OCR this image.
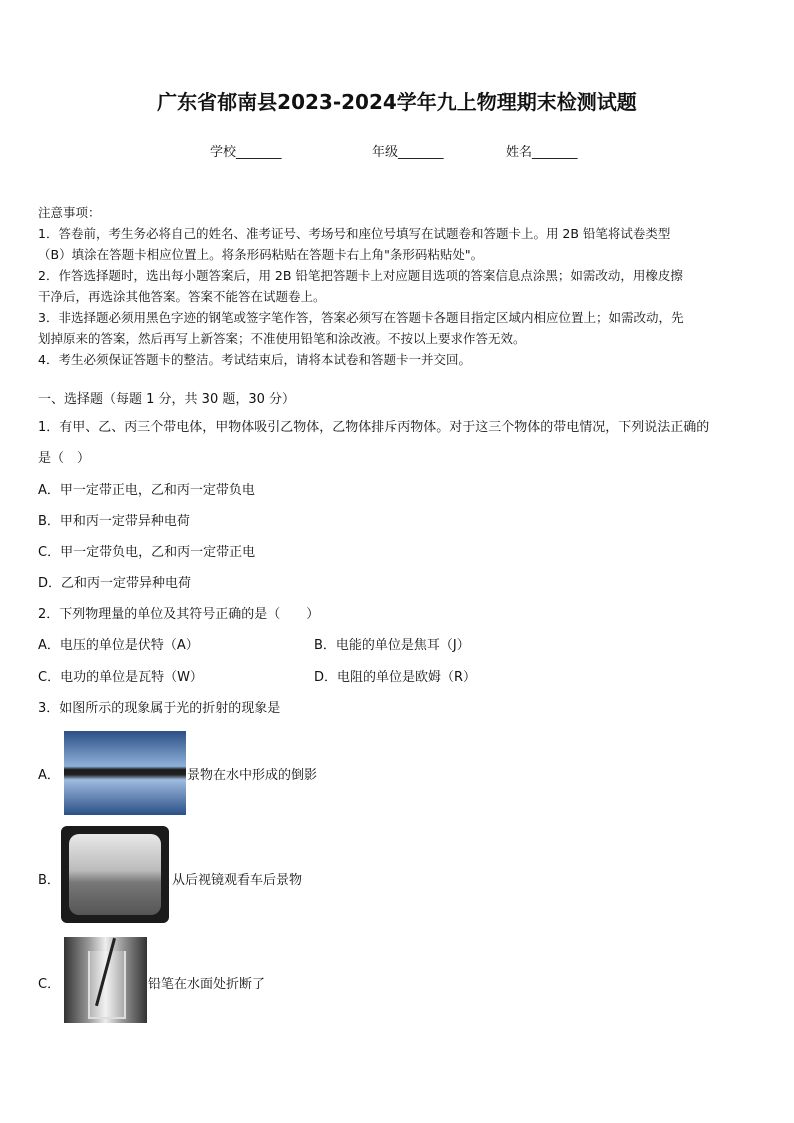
广东省郁南县2023-2024学年九上物理期末检测试题
学校_______	年级_______	姓名_______
注意事项：
1．答卷前，考生务必将自己的姓名、准考证号、考场号和座位号填写在试题卷和答题卡上。用 2B 铅笔将试卷类型
（B）填涂在答题卡相应位置上。将条形码粘贴在答题卡右上角"条形码粘贴处"。
2．作答选择题时，选出每小题答案后，用 2B 铅笔把答题卡上对应题目选项的答案信息点涂黑；如需改动，用橡皮擦
干净后，再选涂其他答案。答案不能答在试题卷上。
3．非选择题必须用黑色字迹的钢笔或签字笔作答，答案必须写在答题卡各题目指定区域内相应位置上；如需改动，先
划掉原来的答案，然后再写上新答案；不准使用铅笔和涂改液。不按以上要求作答无效。
4．考生必须保证答题卡的整洁。考试结束后，请将本试卷和答题卡一并交回。
一、选择题（每题 1 分，共 30 题，30 分）
1．有甲、乙、丙三个带电体，甲物体吸引乙物体，乙物体排斥丙物体。对于这三个物体的带电情况，下列说法正确的
是（　）
A．甲一定带正电，乙和丙一定带负电
B．甲和丙一定带异种电荷
C．甲一定带负电，乙和丙一定带正电
D．乙和丙一定带异种电荷
2．下列物理量的单位及其符号正确的是（　　）
A．电压的单位是伏特（A）	B．电能的单位是焦耳（J）
C．电功的单位是瓦特（W）	D．电阻的单位是欧姆（R）
3．如图所示的现象属于光的折射的现象是
A．	景物在水中形成的倒影
B．	从后视镜观看车后景物
C．	铅笔在水面处折断了
